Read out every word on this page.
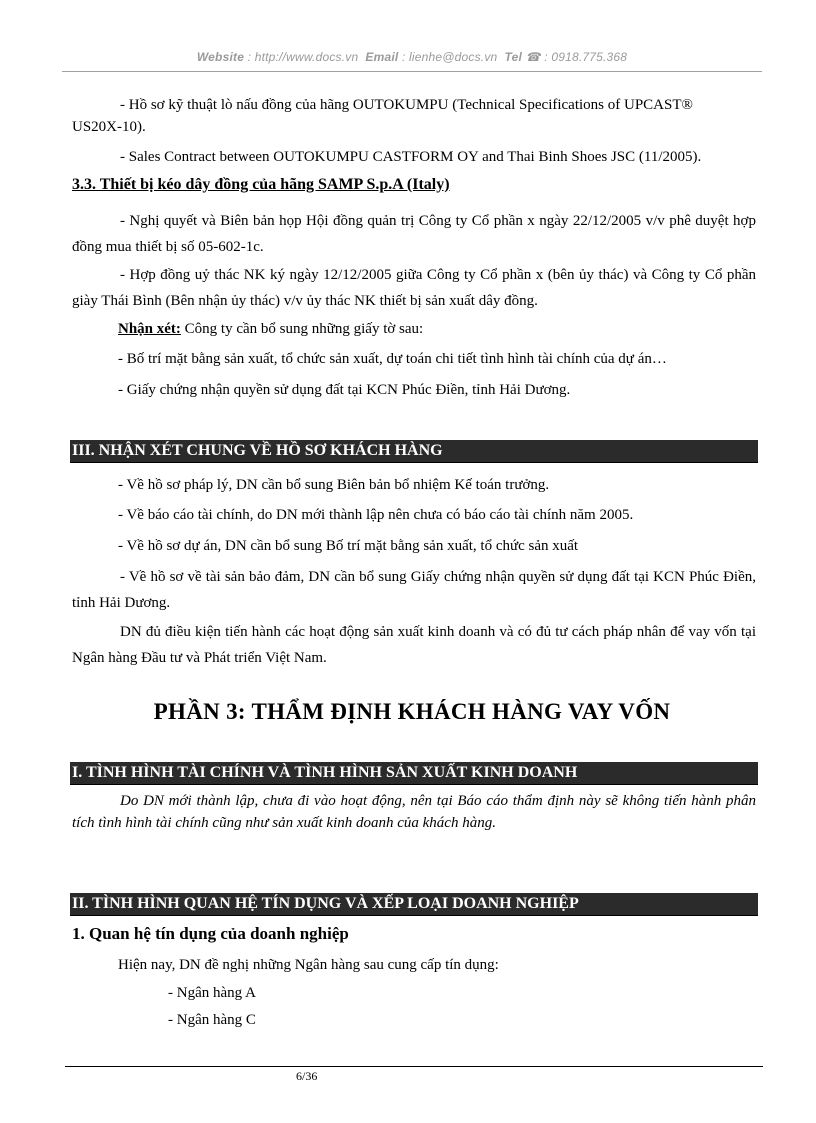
Website : http://www.docs.vn Email : lienhe@docs.vn Tel ☎ : 0918.775.368
- Hồ sơ kỹ thuật lò nấu đồng của hãng OUTOKUMPU (Technical Specifications of UPCAST®
US20X-10).
- Sales Contract between OUTOKUMPU CASTFORM OY and Thai Binh Shoes JSC (11/2005).
3.3. Thiết bị kéo dây đồng của hãng SAMP S.p.A (Italy)
- Nghị quyết và Biên bản họp Hội đồng quản trị Công ty Cổ phần x ngày 22/12/2005 v/v phê duyệt hợp đồng mua thiết bị số 05-602-1c.
- Hợp đồng uỷ thác NK ký ngày 12/12/2005 giữa Công ty Cổ phần x (bên ủy thác) và Công ty Cổ phần giày Thái Bình (Bên nhận ủy thác) v/v ủy thác NK thiết bị sản xuất dây đồng.
Nhận xét: Công ty cần bổ sung những giấy tờ sau:
- Bố trí mặt bằng sản xuất, tổ chức sản xuất, dự toán chi tiết tình hình tài chính của dự án…
- Giấy chứng nhận quyền sử dụng đất tại KCN Phúc Điền, tỉnh Hải Dương.
III. NHẬN XÉT CHUNG VỀ HỒ SƠ KHÁCH HÀNG
- Về hồ sơ pháp lý, DN cần bổ sung Biên bản bổ nhiệm Kế toán trưởng.
- Về báo cáo tài chính, do DN mới thành lập nên chưa có báo cáo tài chính năm 2005.
- Về hồ sơ dự án, DN cần bổ sung Bố trí mặt bằng sản xuất, tổ chức sản xuất
- Về hồ sơ về tài sản bảo đảm, DN cần bổ sung Giấy chứng nhận quyền sử dụng đất tại KCN Phúc Điền, tỉnh Hải Dương.
DN đủ điều kiện tiến hành các hoạt động sản xuất kinh doanh và có đủ tư cách pháp nhân để vay vốn tại Ngân hàng Đầu tư và Phát triển Việt Nam.
PHẦN 3: THẨM ĐỊNH KHÁCH HÀNG VAY VỐN
I. TÌNH HÌNH TÀI CHÍNH VÀ TÌNH HÌNH SẢN XUẤT KINH DOANH
Do DN mới thành lập, chưa đi vào hoạt động, nên tại Báo cáo thẩm định này sẽ không tiến hành phân tích tình hình tài chính cũng như sản xuất kinh doanh của khách hàng.
II. TÌNH HÌNH QUAN HỆ TÍN DỤNG VÀ XẾP LOẠI DOANH NGHIỆP
1. Quan hệ tín dụng của doanh nghiệp
Hiện nay, DN đề nghị những Ngân hàng sau cung cấp tín dụng:
- Ngân hàng A
- Ngân hàng C
6/36
